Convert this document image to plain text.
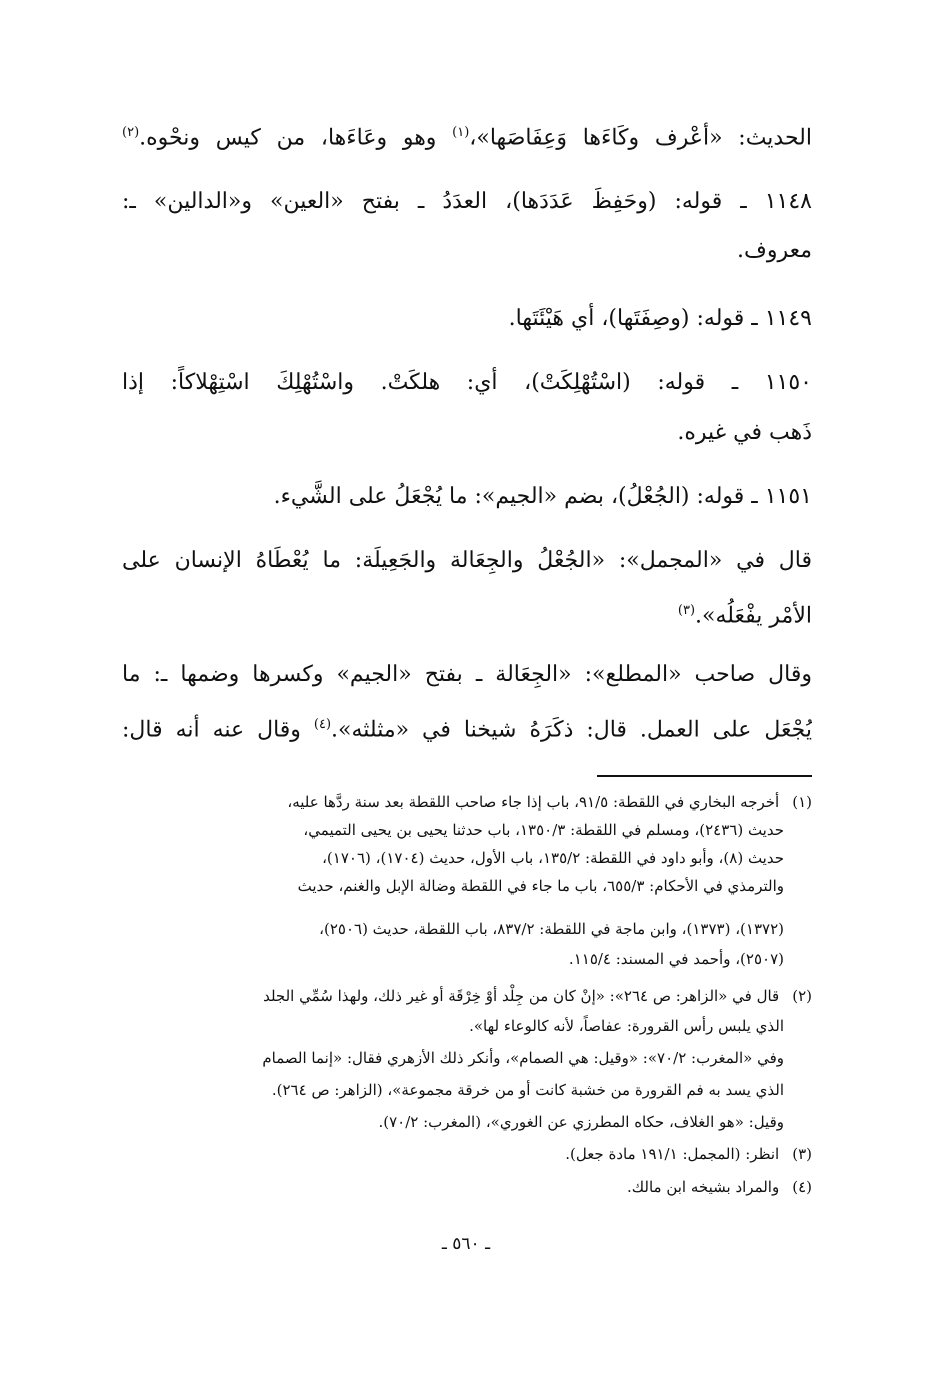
الحديث: «أعْرِف وِكَاءَها وَعِفَاصَها»،$^{(١)}$ وهو وِعَاءَها، من كيسٍ ونحْوِه.$^{(٢)}$
١١٤٨ ـ قوله: (وحَفِظَ عَدَدَها)، العدَدُ ـ بفتح «العين» و«الدالين» ـ:
معروف.
١١٤٩ ـ قوله: (وصِفَتَها)، أي هَيْئَتَها.
١١٥٠ ـ قوله: (اسْتُهْلِكَتْ)، أي: هلكَتْ. واسْتُهْلِكَ اسْتِهْلاكاً: إذا
ذَهب في غيره.
١١٥١ ـ قوله: (الجُعْلُ)، بضم «الجيم»: ما يُجْعَلُ على الشَّيء.
قال في «المجمل»: «الجُعْلُ والجِعَالة والجَعِيلَة: ما يُعْطَاهُ الإنسان على
الأمْر يفْعَلُه».$^{(٣)}$
وقال صاحب «المطلع»: «الجِعَالة ـ بفتح «الجيم» وكسرها وضمها ـ: ما
يُجْعَل على العمل. قال: ذكَرَهُ شيخنا في «مثلثه».$^{(٤)}$ وقال عنه أنه قال:
(١) أخرجه البخاري في اللقطة: ٩١/٥، باب إذا جاء صاحب اللقطة بعد سنة ردَّها عليه،
حديث (٢٤٣٦)، ومسلم في اللقطة: ١٣٥٠/٣، باب حدثنا يحيى بن يحيى التميمي،
حديث (٨)، وأبو داود في اللقطة: ١٣٥/٢، باب الأول، حديث (١٧٠٤)، (١٧٠٦)،
والترمذي في الأحكام: ٦٥٥/٣، باب ما جاء في اللقطة وضالة الإبل والغنم، حديث
(١٣٧٢)، (١٣٧٣)، وابن ماجة في اللقطة: ٨٣٧/٢، باب اللقطة، حديث (٢٥٠٦)،
(٢٥٠٧)، وأحمد في المسند: ١١٥/٤.
(٢) قال في «الزاهر: ص ٢٦٤»: «إنْ كان من جِلْد أوْ خِرْقَة أو غير ذلك، ولهذا سُمِّي الجلد
الذي يلبس رأس القرورة: عفاصاً، لأنه كالوعاء لها».
وفي «المغرب: ٧٠/٢»: «وقيل: هي الصمام»، وأنكر ذلك الأزهري فقال: «إنما الصمام
الذي يسد به فم القرورة من خشبة كانت أو من خرقة مجموعة»، (الزاهر: ص ٢٦٤).
وقيل: «هو الغلاف، حكاه المطرزي عن الغوري»، (المغرب: ٧٠/٢).
(٣) انظر: (المجمل: ١٩١/١ مادة جعل).
(٤) والمراد بشيخه ابن مالك.
ـ ٥٦٠ ـ
